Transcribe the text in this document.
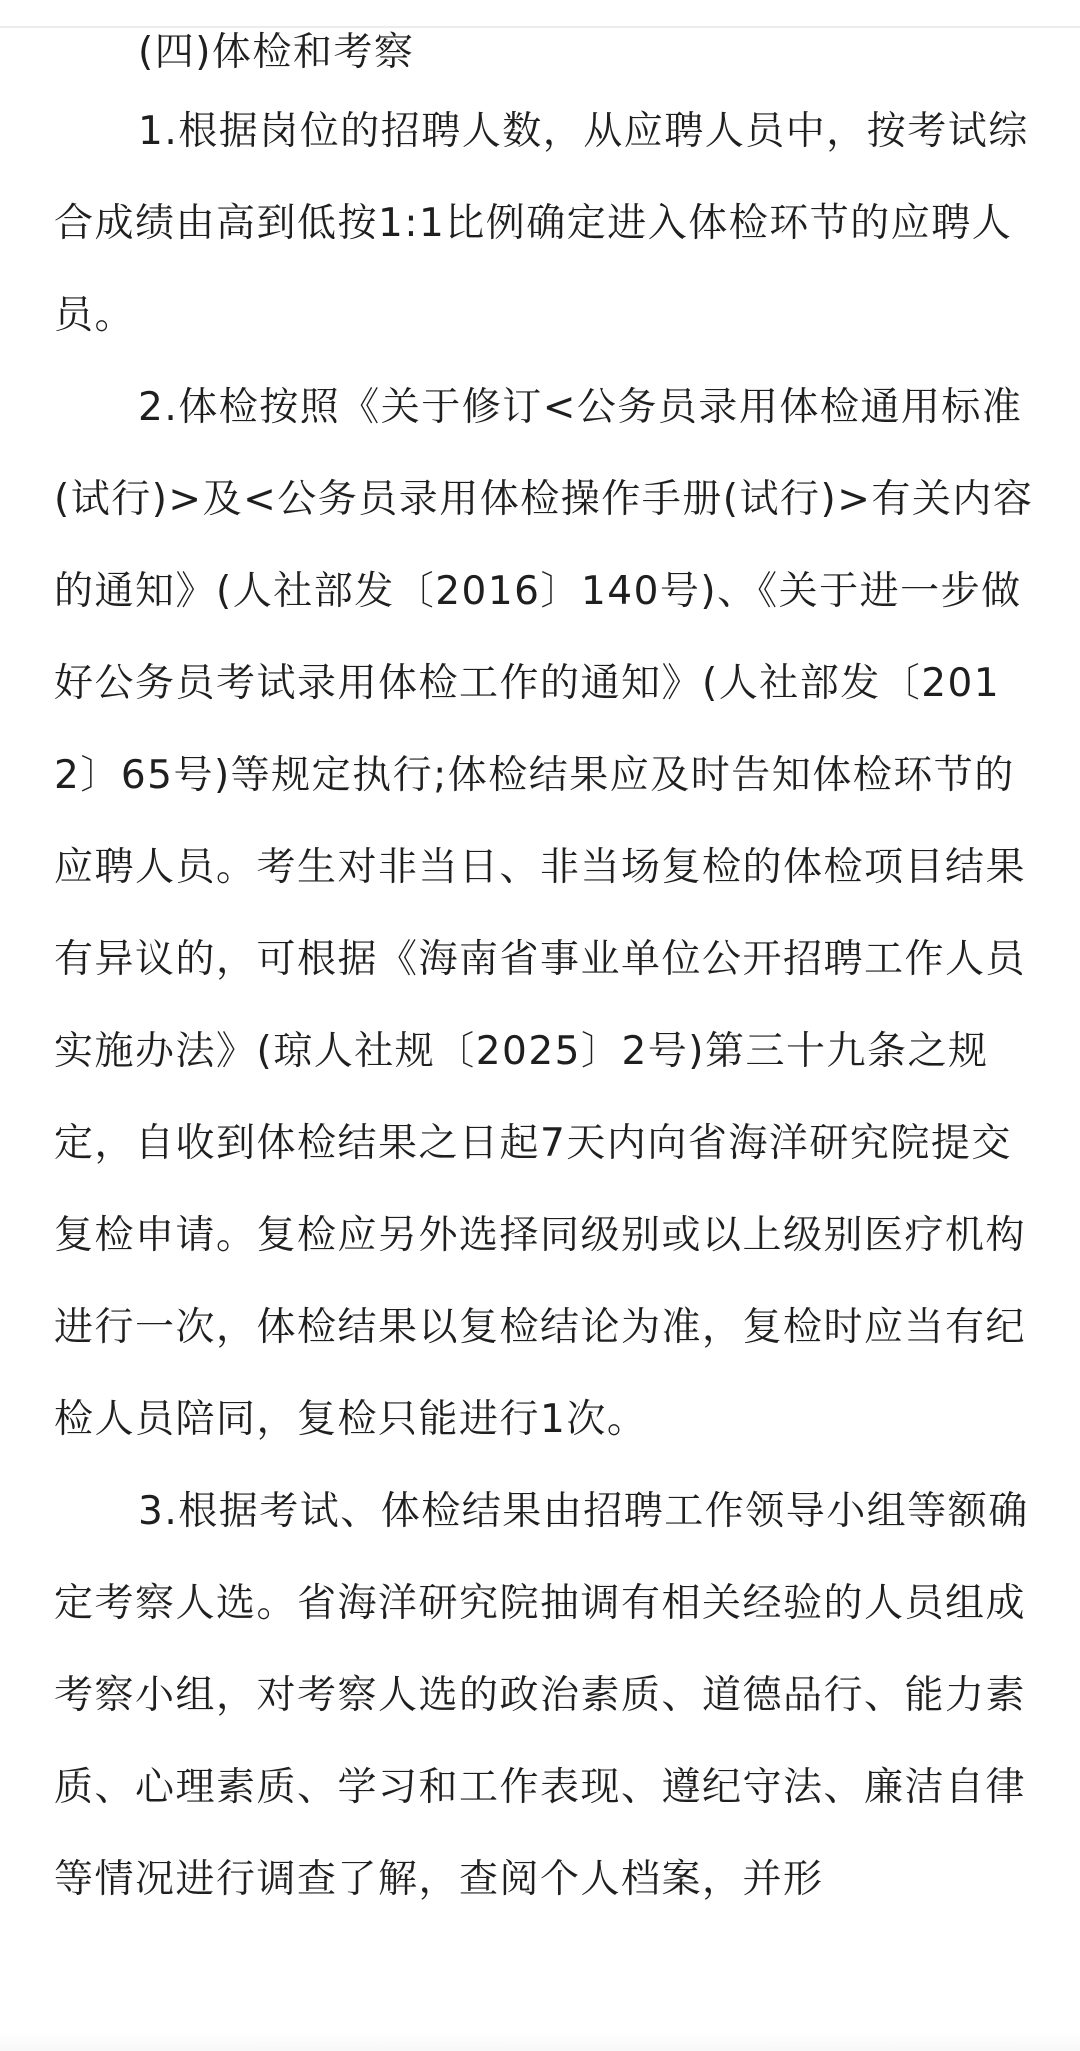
(四)体检和考察

1.根据岗位的招聘人数，从应聘人员中，按考试综合成绩由高到低按1:1比例确定进入体检环节的应聘人员。

2.体检按照《关于修订<公务员录用体检通用标准(试行)>及<公务员录用体检操作手册(试行)>有关内容的通知》(人社部发〔2016〕140号)、《关于进一步做好公务员考试录用体检工作的通知》(人社部发〔2012〕65号)等规定执行;体检结果应及时告知体检环节的应聘人员。考生对非当日、非当场复检的体检项目结果有异议的，可根据《海南省事业单位公开招聘工作人员实施办法》(琼人社规〔2025〕2号)第三十九条之规定，自收到体检结果之日起7天内向省海洋研究院提交复检申请。复检应另外选择同级别或以上级别医疗机构进行一次，体检结果以复检结论为准，复检时应当有纪检人员陪同，复检只能进行1次。

3.根据考试、体检结果由招聘工作领导小组等额确定考察人选。省海洋研究院抽调有相关经验的人员组成考察小组，对考察人选的政治素质、道德品行、能力素质、心理素质、学习和工作表现、遵纪守法、廉洁自律等情况进行调查了解，查阅个人档案，并形
